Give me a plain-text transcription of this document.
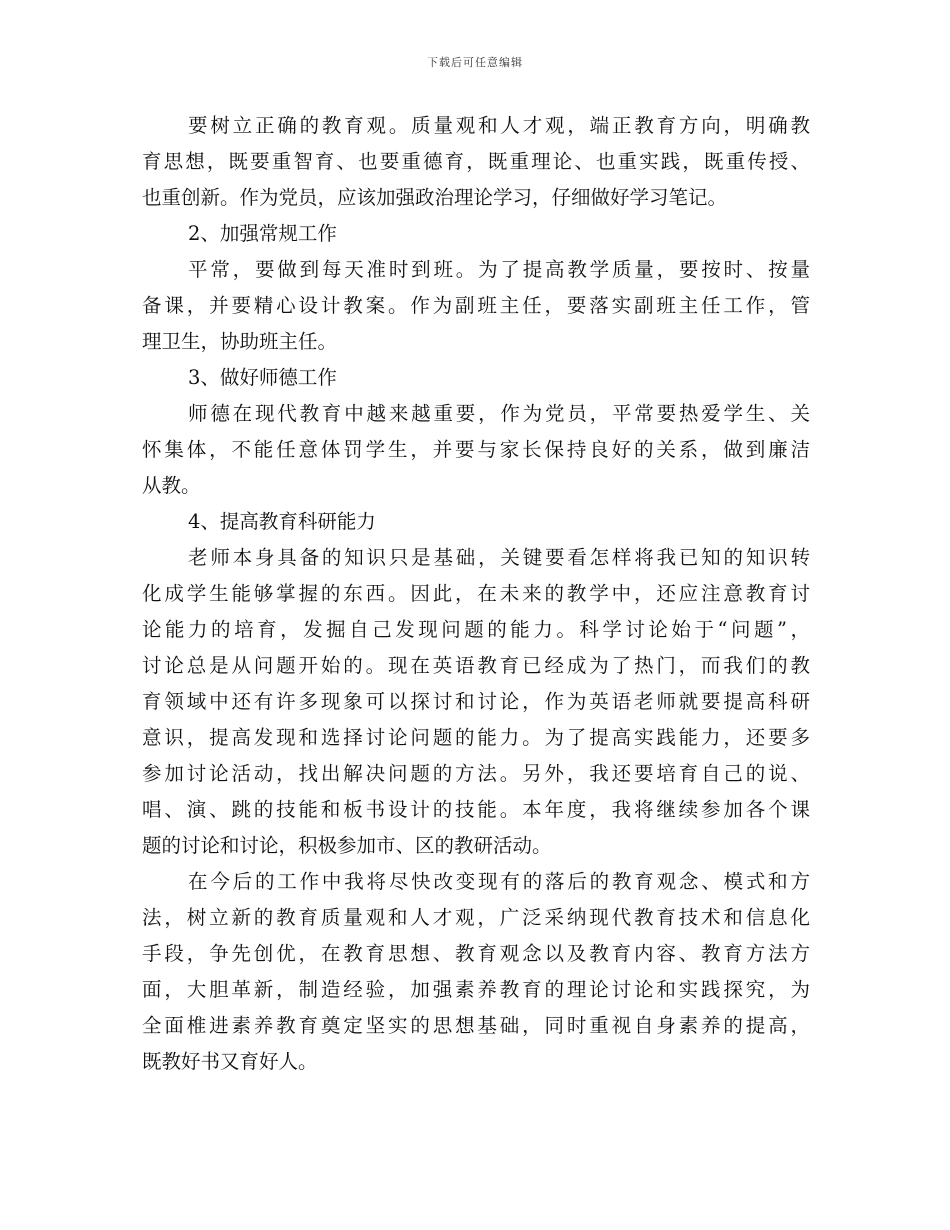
下载后可任意编辑
要树立正确的教育观。质量观和人才观，端正教育方向，明确教
育思想，既要重智育、也要重德育，既重理论、也重实践，既重传授、
也重创新。作为党员，应该加强政治理论学习，仔细做好学习笔记。
2、加强常规工作
平常，要做到每天准时到班。为了提高教学质量，要按时、按量
备课，并要精心设计教案。作为副班主任，要落实副班主任工作，管
理卫生，协助班主任。
3、做好师德工作
师德在现代教育中越来越重要，作为党员，平常要热爱学生、关
怀集体，不能任意体罚学生，并要与家长保持良好的关系，做到廉洁
从教。
4、提高教育科研能力
老师本身具备的知识只是基础，关键要看怎样将我已知的知识转
化成学生能够掌握的东西。因此，在未来的教学中，还应注意教育讨
论能力的培育，发掘自己发现问题的能力。科学讨论始于“问题”，
讨论总是从问题开始的。现在英语教育已经成为了热门，而我们的教
育领域中还有许多现象可以探讨和讨论，作为英语老师就要提高科研
意识，提高发现和选择讨论问题的能力。为了提高实践能力，还要多
参加讨论活动，找出解决问题的方法。另外，我还要培育自己的说、
唱、演、跳的技能和板书设计的技能。本年度，我将继续参加各个课
题的讨论和讨论，积极参加市、区的教研活动。
在今后的工作中我将尽快改变现有的落后的教育观念、模式和方
法，树立新的教育质量观和人才观，广泛采纳现代教育技术和信息化
手段，争先创优，在教育思想、教育观念以及教育内容、教育方法方
面，大胆革新，制造经验，加强素养教育的理论讨论和实践探究，为
全面椎进素养教育奠定坚实的思想基础，同时重视自身素养的提高，
既教好书又育好人。
